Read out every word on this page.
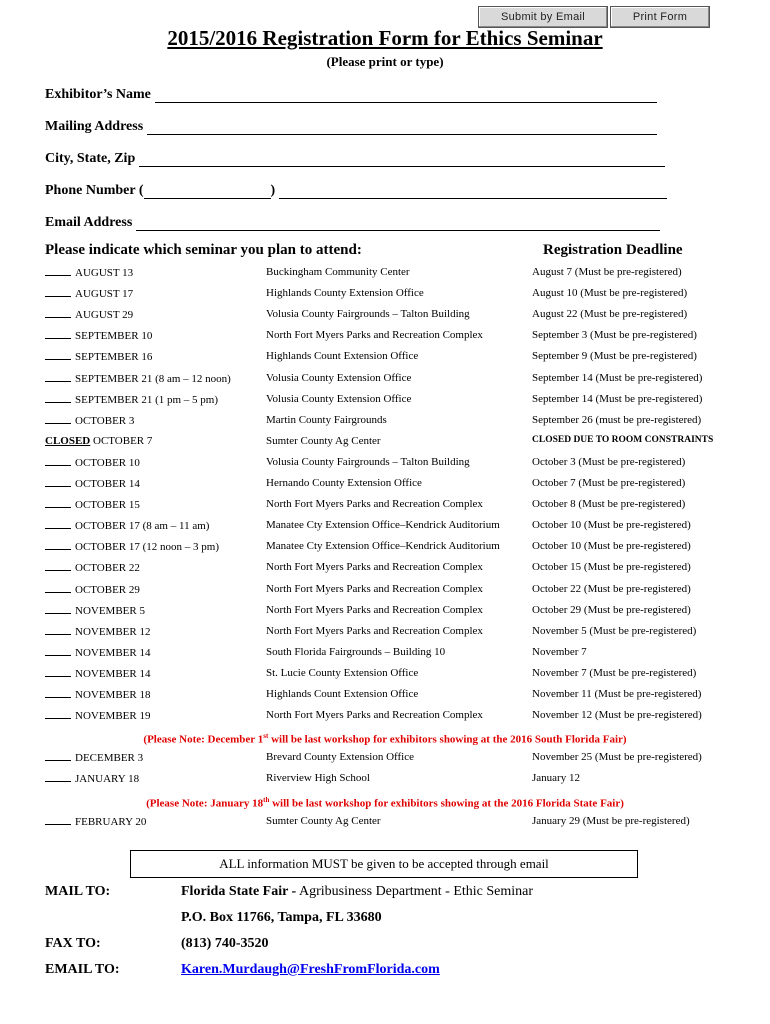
Submit by Email	Print Form
2015/2016 Registration Form for Ethics Seminar
(Please print or type)
Exhibitor’s Name
Mailing Address
City, State, Zip
Phone Number (	)
Email Address
Please indicate which seminar you plan to attend:	Registration Deadline
AUGUST 13	Buckingham Community Center	August 7 (Must be pre-registered)
AUGUST 17	Highlands County Extension Office	August 10 (Must be pre-registered)
AUGUST 29	Volusia County Fairgrounds – Talton Building	August 22 (Must be pre-registered)
SEPTEMBER 10	North Fort Myers Parks and Recreation Complex	September 3 (Must be pre-registered)
SEPTEMBER 16	Highlands Count Extension Office	September 9 (Must be pre-registered)
SEPTEMBER 21 (8 am – 12 noon)	Volusia County Extension Office	September 14 (Must be pre-registered)
SEPTEMBER 21 (1 pm – 5 pm)	Volusia County Extension Office	September 14 (Must be pre-registered)
OCTOBER 3	Martin County Fairgrounds	September 26 (must be pre-registered)
CLOSED OCTOBER 7	Sumter County Ag Center	CLOSED DUE TO ROOM CONSTRAINTS
OCTOBER 10	Volusia County Fairgrounds – Talton Building	October 3 (Must be pre-registered)
OCTOBER 14	Hernando County Extension Office	October 7 (Must be pre-registered)
OCTOBER 15	North Fort Myers Parks and Recreation Complex	October 8 (Must be pre-registered)
OCTOBER 17 (8 am – 11 am)	Manatee Cty Extension Office–Kendrick Auditorium	October 10 (Must be pre-registered)
OCTOBER 17 (12 noon – 3 pm)	Manatee Cty Extension Office–Kendrick Auditorium	October 10 (Must be pre-registered)
OCTOBER 22	North Fort Myers Parks and Recreation Complex	October 15 (Must be pre-registered)
OCTOBER 29	North Fort Myers Parks and Recreation Complex	October 22 (Must be pre-registered)
NOVEMBER 5	North Fort Myers Parks and Recreation Complex	October 29 (Must be pre-registered)
NOVEMBER 12	North Fort Myers Parks and Recreation Complex	November 5 (Must be pre-registered)
NOVEMBER 14	South Florida Fairgrounds – Building 10	November 7
NOVEMBER 14	St. Lucie County Extension Office	November 7 (Must be pre-registered)
NOVEMBER 18	Highlands Count Extension Office	November 11 (Must be pre-registered)
NOVEMBER 19	North Fort Myers Parks and Recreation Complex	November 12 (Must be pre-registered)
DECEMBER 3	Brevard County Extension Office	November 25 (Must be pre-registered)
JANUARY 18	Riverview High School	January 12
FEBRUARY 20	Sumter County Ag Center	January 29 (Must be pre-registered)
(Please Note: December 1st will be last workshop for exhibitors showing at the 2016 South Florida Fair)
(Please Note: January 18th will be last workshop for exhibitors showing at the 2016 Florida State Fair)
ALL information MUST be given to be accepted through email
MAIL TO:	Florida State Fair - Agribusiness Department - Ethic Seminar
P.O. Box 11766, Tampa, FL 33680
FAX TO:	(813) 740-3520
EMAIL TO:	Karen.Murdaugh@FreshFromFlorida.com
